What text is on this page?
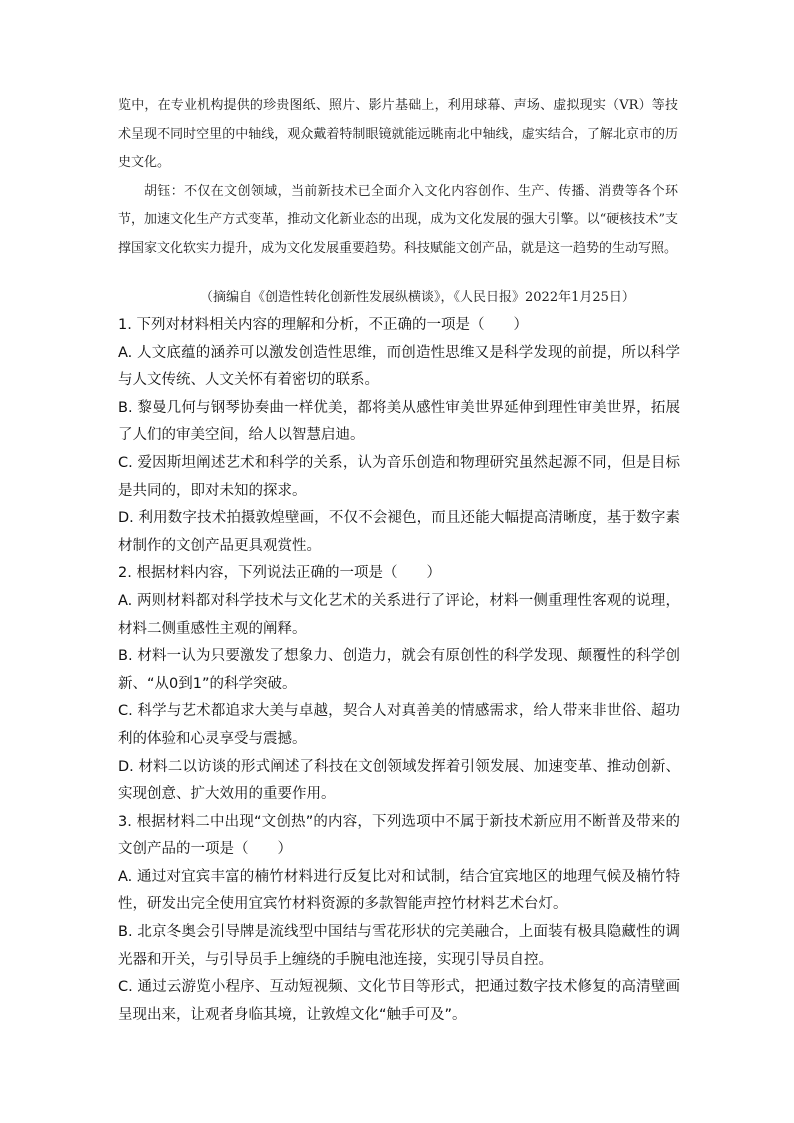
览中，在专业机构提供的珍贵图纸、照片、影片基础上，利用球幕、声场、虚拟现实（VR）等技术呈现不同时空里的中轴线，观众戴着特制眼镜就能远眺南北中轴线，虚实结合，了解北京市的历史文化。

胡钰：不仅在文创领域，当前新技术已全面介入文化内容创作、生产、传播、消费等各个环节，加速文化生产方式变革，推动文化新业态的出现，成为文化发展的强大引擎。以“硬核技术”支撑国家文化软实力提升，成为文化发展重要趋势。科技赋能文创产品，就是这一趋势的生动写照。

（摘编自《创造性转化创新性发展纵横谈》，《人民日报》2022年1月25日）

1. 下列对材料相关内容的理解和分析，不正确的一项是（　　）

A. 人文底蕴的涵养可以激发创造性思维，而创造性思维又是科学发现的前提，所以科学与人文传统、人文关怀有着密切的联系。

B. 黎曼几何与钢琴协奏曲一样优美，都将美从感性审美世界延伸到理性审美世界，拓展了人们的审美空间，给人以智慧启迪。

C. 爱因斯坦阐述艺术和科学的关系，认为音乐创造和物理研究虽然起源不同，但是目标是共同的，即对未知的探求。

D. 利用数字技术拍摄敦煌壁画，不仅不会褪色，而且还能大幅提高清晰度，基于数字素材制作的文创产品更具观赏性。

2. 根据材料内容，下列说法正确的一项是（　　）

A. 两则材料都对科学技术与文化艺术的关系进行了评论，材料一侧重理性客观的说理，材料二侧重感性主观的阐释。

B. 材料一认为只要激发了想象力、创造力，就会有原创性的科学发现、颠覆性的科学创新、“从0到1”的科学突破。

C. 科学与艺术都追求大美与卓越，契合人对真善美的情感需求，给人带来非世俗、超功利的体验和心灵享受与震撼。

D. 材料二以访谈的形式阐述了科技在文创领域发挥着引领发展、加速变革、推动创新、实现创意、扩大效用的重要作用。

3. 根据材料二中出现“文创热”的内容，下列选项中不属于新技术新应用不断普及带来的文创产品的一项是（　　）

A. 通过对宜宾丰富的楠竹材料进行反复比对和试制，结合宜宾地区的地理气候及楠竹特性，研发出完全使用宜宾竹材料资源的多款智能声控竹材料艺术台灯。

B. 北京冬奥会引导牌是流线型中国结与雪花形状的完美融合，上面装有极具隐藏性的调光器和开关，与引导员手上缠绕的手腕电池连接，实现引导员自控。

C. 通过云游览小程序、互动短视频、文化节目等形式，把通过数字技术修复的高清壁画呈现出来，让观者身临其境，让敦煌文化“触手可及”。
